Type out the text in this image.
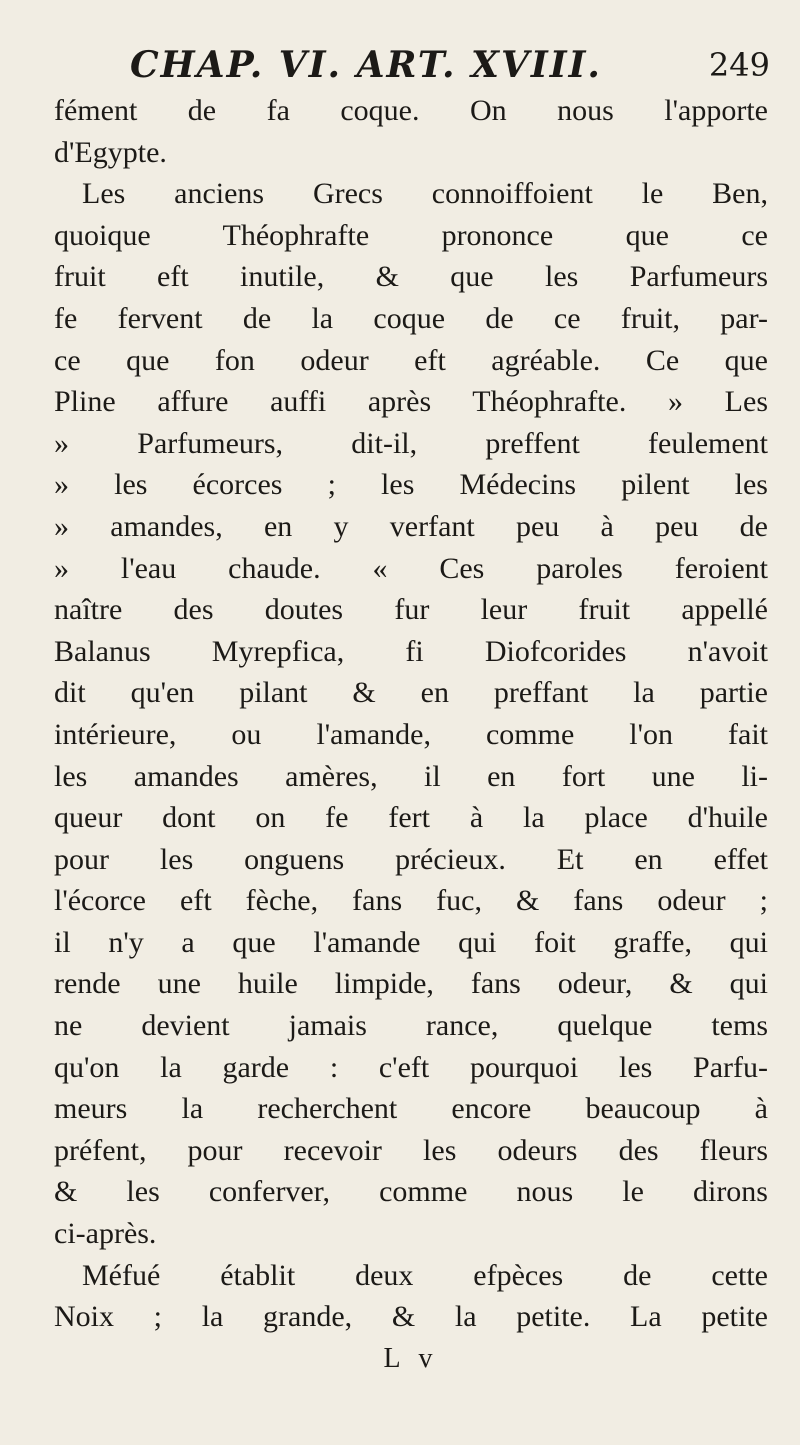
CHAP. VI. ART. XVIII.	249
fément de fa coque. On nous l'apporte
d'Egypte.
Les anciens Grecs connoiffoient le Ben,
quoique Théophrafte prononce que ce
fruit eft inutile, & que les Parfumeurs
fe fervent de la coque de ce fruit, par-
ce que fon odeur eft agréable. Ce que
Pline affure auffi après Théophrafte. » Les
» Parfumeurs, dit-il, preffent feulement
» les écorces ; les Médecins pilent les
» amandes, en y verfant peu à peu de
» l'eau chaude. « Ces paroles feroient
naître des doutes fur leur fruit appellé
Balanus Myrepfica, fi Diofcorides n'avoit
dit qu'en pilant & en preffant la partie
intérieure, ou l'amande, comme l'on fait
les amandes amères, il en fort une li-
queur dont on fe fert à la place d'huile
pour les onguens précieux. Et en effet
l'écorce eft fèche, fans fuc, & fans odeur ;
il n'y a que l'amande qui foit graffe, qui
rende une huile limpide, fans odeur, & qui
ne devient jamais rance, quelque tems
qu'on la garde : c'eft pourquoi les Parfu-
meurs la recherchent encore beaucoup à
préfent, pour recevoir les odeurs des fleurs
& les conferver, comme nous le dirons
ci-après.
Méfué établit deux efpèces de cette
Noix ; la grande, & la petite. La petite
L v
